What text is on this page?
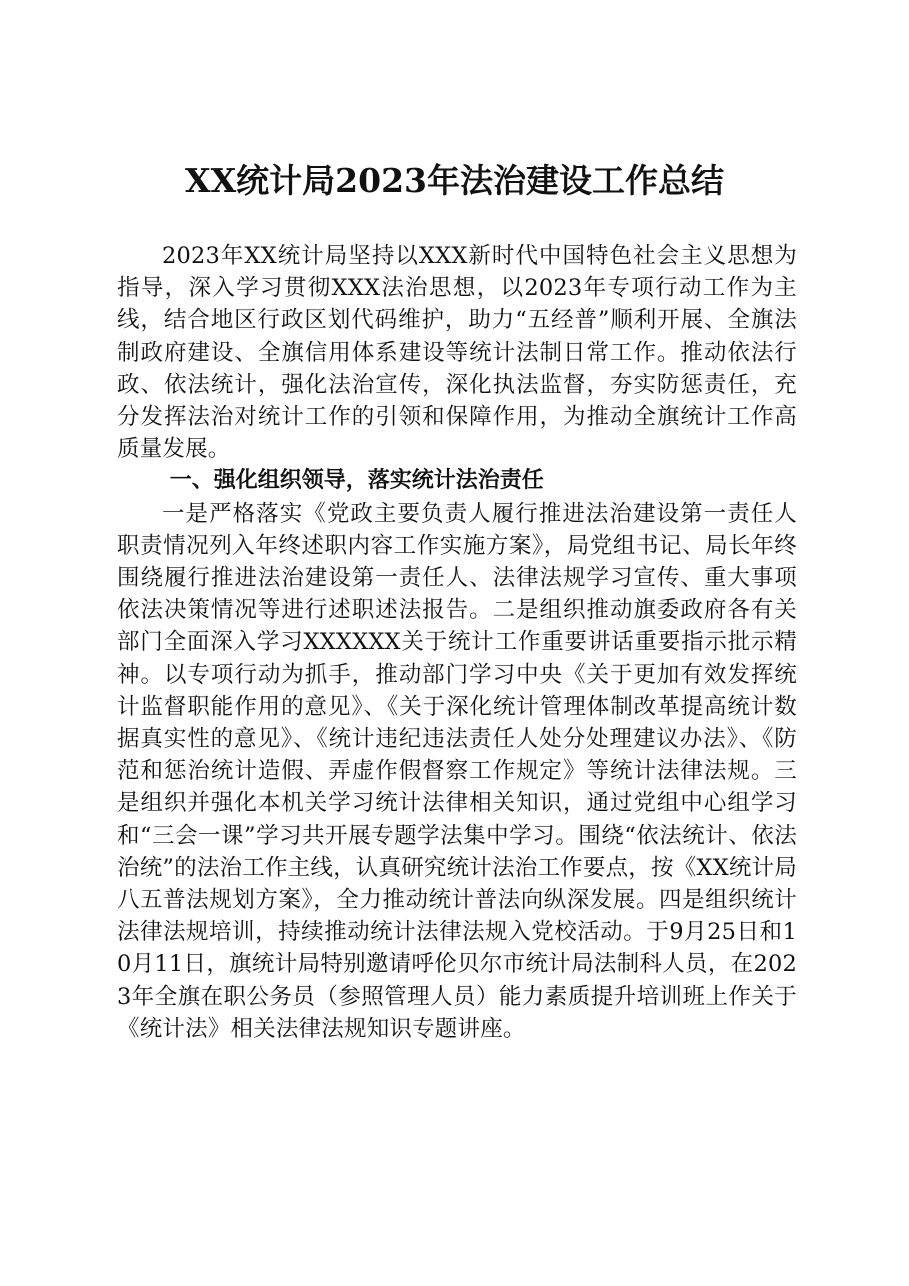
XX统计局2023年法治建设工作总结

2023年XX统计局坚持以XXX新时代中国特色社会主义思想为指导，深入学习贯彻XXX法治思想，以2023年专项行动工作为主线，结合地区行政区划代码维护，助力“五经普”顺利开展、全旗法制政府建设、全旗信用体系建设等统计法制日常工作。推动依法行政、依法统计，强化法治宣传，深化执法监督，夯实防惩责任，充分发挥法治对统计工作的引领和保障作用，为推动全旗统计工作高质量发展。

一、强化组织领导，落实统计法治责任

一是严格落实《党政主要负责人履行推进法治建设第一责任人职责情况列入年终述职内容工作实施方案》，局党组书记、局长年终围绕履行推进法治建设第一责任人、法律法规学习宣传、重大事项依法决策情况等进行述职述法报告。二是组织推动旗委政府各有关部门全面深入学习XXXXXX关于统计工作重要讲话重要指示批示精神。以专项行动为抓手，推动部门学习中央《关于更加有效发挥统计监督职能作用的意见》、《关于深化统计管理体制改革提高统计数据真实性的意见》、《统计违纪违法责任人处分处理建议办法》、《防范和惩治统计造假、弄虚作假督察工作规定》等统计法律法规。三是组织并强化本机关学习统计法律相关知识，通过党组中心组学习和“三会一课”学习共开展专题学法集中学习。围绕“依法统计、依法治统”的法治工作主线，认真研究统计法治工作要点，按《XX统计局八五普法规划方案》，全力推动统计普法向纵深发展。四是组织统计法律法规培训，持续推动统计法律法规入党校活动。于9月25日和10月11日，旗统计局特别邀请呼伦贝尔市统计局法制科人员，在2023年全旗在职公务员（参照管理人员）能力素质提升培训班上作关于《统计法》相关法律法规知识专题讲座。
